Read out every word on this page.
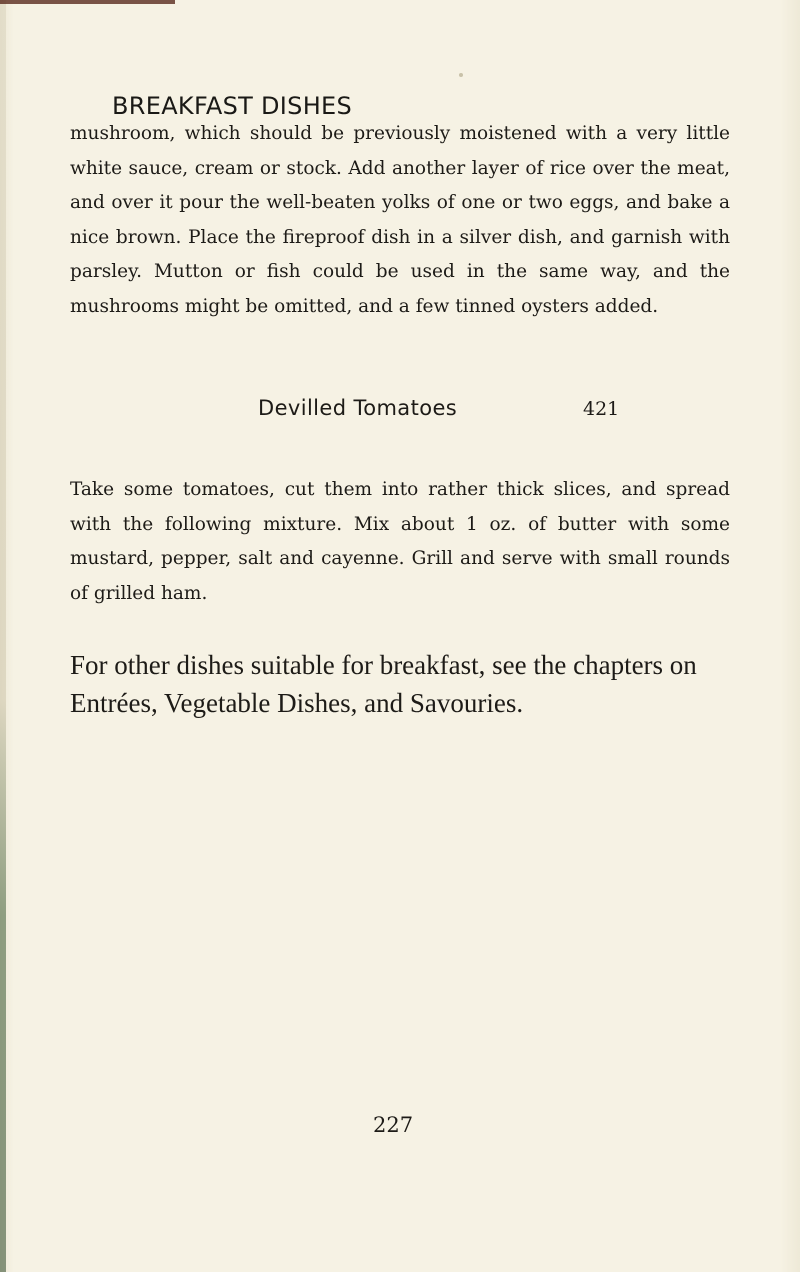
BREAKFAST DISHES

mushroom, which should be previously moistened with a very little white sauce, cream or stock. Add another layer of rice over the meat, and over it pour the well-beaten yolks of one or two eggs, and bake a nice brown. Place the fireproof dish in a silver dish, and garnish with parsley. Mutton or fish could be used in the same way, and the mushrooms might be omitted, and a few tinned oysters added.

Devilled Tomatoes	421

Take some tomatoes, cut them into rather thick slices, and spread with the following mixture. Mix about 1 oz. of butter with some mustard, pepper, salt and cayenne. Grill and serve with small rounds of grilled ham.

For other dishes suitable for breakfast, see the chapters on Entrées, Vegetable Dishes, and Savouries.

227
